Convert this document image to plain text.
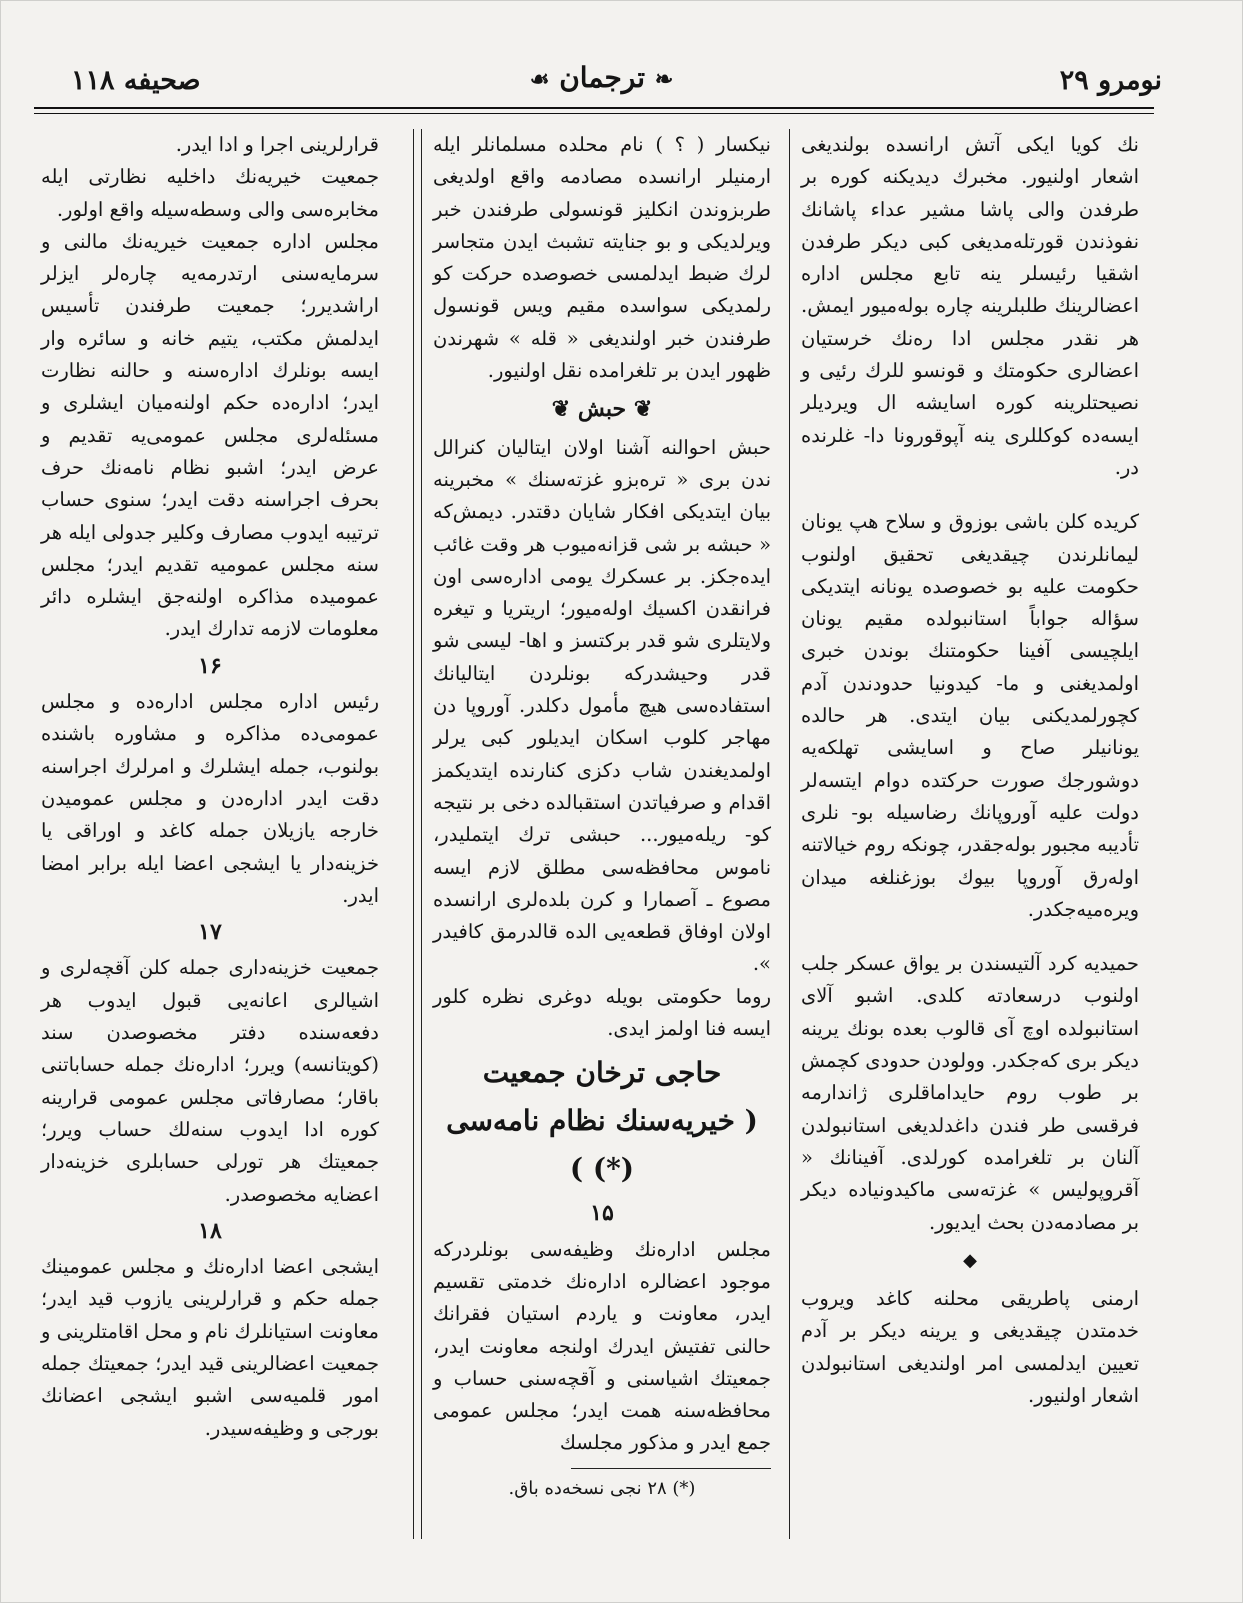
صحیفه ۱۱۸	❧ ترجمان ☙	نومرو ۲۹

نك کویا ایکی آتش ارانسده بولندیغی اشعار اولنیور. مخبرك دیدیکنه کوره بر طرفدن والی پاشا مشیر عداء پاشانك نفوذندن قورتله‌مدیغی کبی دیکر طرفدن اشقیا رئیسلر ینه تابع مجلس اداره اعضالرینك طلبلرینه چاره بوله‌میور ایمش. هر نقدر مجلس ادا ره‌نك خرستیان اعضالری حکومتك و قونسو للرك رئیی و نصیحتلرینه کوره اسایشه ال ویردیلر ایسه‌ده کوکللری ینه آپوقورونا دا- غلرنده در.

کریده کلن باشی بوزوق و سلاح هپ یونان لیمانلرندن چیقدیغی تحقیق اولنوب حکومت علیه بو خصوصده یونانه ایتدیکی سؤاله جواباً استانبولده مقیم یونان ایلچیسی آفینا حکومتنك بوندن خبری اولمدیغنی و ما- کیدونیا حدودندن آدم کچورلمدیکنی بیان ایتدی. هر حالده یونانیلر صاح و اسایشی تهلکه‌یه دوشورجك صورت حرکتده دوام ایتسه‌لر دولت علیه آوروپانك رضاسیله بو- نلری تأدیبه مجبور بوله‌جقدر، چونکه روم خیالاتنه اوله‌رق آوروپا بیوك بوزغنلغه میدان ویره‌میه‌جکدر.

حمیدیه کرد آلتیسندن بر یواق عسکر جلب اولنوب درسعادته کلدی. اشبو آلای استانبولده اوچ آی قالوب بعده بونك یرینه دیکر بری که‌جکدر. وولودن حدودی کچمش بر طوب روم حایداماقلری ژاندارمه فرقسی طر فندن داغدلدیغی استانبولدن آلنان بر تلغرامده کورلدی. آفینانك « آقروپولیس » غزته‌سی ماکیدونیاده دیکر بر مصادمه‌دن بحث ایدیور.

◆

ارمنی پاطریقی محلنه کاغد ویروب خدمتدن چیقدیغی و یرینه دیکر بر آدم تعیین ایدلمسی امر اولندیغی استانبولدن اشعار اولنیور.

نیکسار ( ؟ ) نام محلده مسلمانلر ایله ارمنیلر ارانسده مصادمه واقع اولدیغی طربزوندن انکلیز قونسولی طرفندن خبر ویرلدیکی و بو جنایته تشبث ایدن متجاسر لرك ضبط ایدلمسی خصوصده حرکت کو رلمدیکی سواسده مقیم ویس قونسول طرفندن خبر اولندیغی « قله » شهرندن ظهور ایدن بر تلغرامده نقل اولنیور.

❦ حبش ❦

حبش احوالنه آشنا اولان ایتالیان کنرالل ندن بری « تره‌بزو غزته‌سنك » مخبرینه بیان ایتدیکی افکار شایان دقتدر. دیمش‌که « حبشه بر شی قزانه‌میوب هر وقت غائب ایده‌جکز. بر عسکرك یومی اداره‌سی اون فرانقدن اکسیك اوله‌میور؛ اریتریا و تیغره ولایتلری شو قدر برکتسز و اها- لیسی شو قدر وحیشدرکه بونلردن ایتالیانك استفاده‌سی هیچ مأمول دکلدر. آوروپا دن مهاجر کلوب اسکان ایدیلور کبی یرلر اولمدیغندن شاب دکزی کنارنده ایتدیکمز اقدام و صرفیاتدن استقبالده دخی بر نتیجه کو- ریله‌میور... حبشی ترك ایتملیدر، ناموس محافظه‌سی مطلق لازم ایسه مصوع ـ آصمارا و کرن بلده‌لری ارانسده اولان اوفاق قطعه‌یی الده قالدرمق کافیدر ».

روما حکومتی بویله دوغری نظره کلور ایسه فنا اولمز ایدی.

حاجی ترخان جمعیت
( خیریه‌سنك نظام نامه‌سی (*) )
۱۵

مجلس اداره‌نك وظیفه‌سی بونلردرکه موجود اعضالره اداره‌نك خدمتی تقسیم ایدر، معاونت و یاردم استیان فقرانك حالنی تفتیش ایدرك اولنجه معاونت ایدر، جمعیتك اشیاسنی و آقچه‌سنی حساب و محافظه‌سنه همت ایدر؛ مجلس عمومی جمع ایدر و مذکور مجلسك

(*) ۲۸ نجی نسخه‌ده باق.

قرارلرینی اجرا و ادا ایدر.

جمعیت خیریه‌نك داخلیه نظارتی ایله مخابره‌سی والی وسطه‌سیله واقع اولور.

مجلس اداره جمعیت خیریه‌نك مالنی و سرمایه‌سنی ارتدرمه‌یه چاره‌لر ایزلر اراشدیرر؛ جمعیت طرفندن تأسیس ایدلمش مکتب، یتیم خانه و سائره وار ایسه بونلرك اداره‌سنه و حالنه نظارت ایدر؛ اداره‌ده حکم اولنه‌میان ایشلری و مسئله‌لری مجلس عمومی‌یه تقدیم و عرض ایدر؛ اشبو نظام نامه‌نك حرف بحرف اجراسنه دقت ایدر؛ سنوی حساب ترتیبه ایدوب مصارف وکلیر جدولی ایله هر سنه مجلس عمومیه تقدیم ایدر؛ مجلس عمومیده مذاکره اولنه‌جق ایشلره دائر معلومات لازمه تدارك ایدر.

۱۶

رئیس اداره مجلس اداره‌ده و مجلس عمومی‌ده مذاکره و مشاوره باشنده بولنوب، جمله ایشلرك و امرلرك اجراسنه دقت ایدر اداره‌دن و مجلس عمومیدن خارجه یازیلان جمله کاغد و اوراقی یا خزینه‌دار یا ایشجی اعضا ایله برابر امضا ایدر.

۱۷

جمعیت خزینه‌داری جمله کلن آقچه‌لری و اشیالری اعانه‌یی قبول ایدوب هر دفعه‌سنده دفتر مخصوصدن سند (کویتانسه) ویرر؛ اداره‌نك جمله حساباتنی باقار؛ مصارفاتی مجلس عمومی قرارینه کوره ادا ایدوب سنه‌لك حساب ویرر؛ جمعیتك هر تورلی حسابلری خزینه‌دار اعضایه مخصوصدر.

۱۸

ایشجی اعضا اداره‌نك و مجلس عمومینك جمله حکم و قرارلرینی یازوب قید ایدر؛ معاونت استیانلرك نام و محل اقامتلرینی و جمعیت اعضالرینی قید ایدر؛ جمعیتك جمله امور قلمیه‌سی اشبو ایشجی اعضانك بورجی و وظیفه‌سیدر.
